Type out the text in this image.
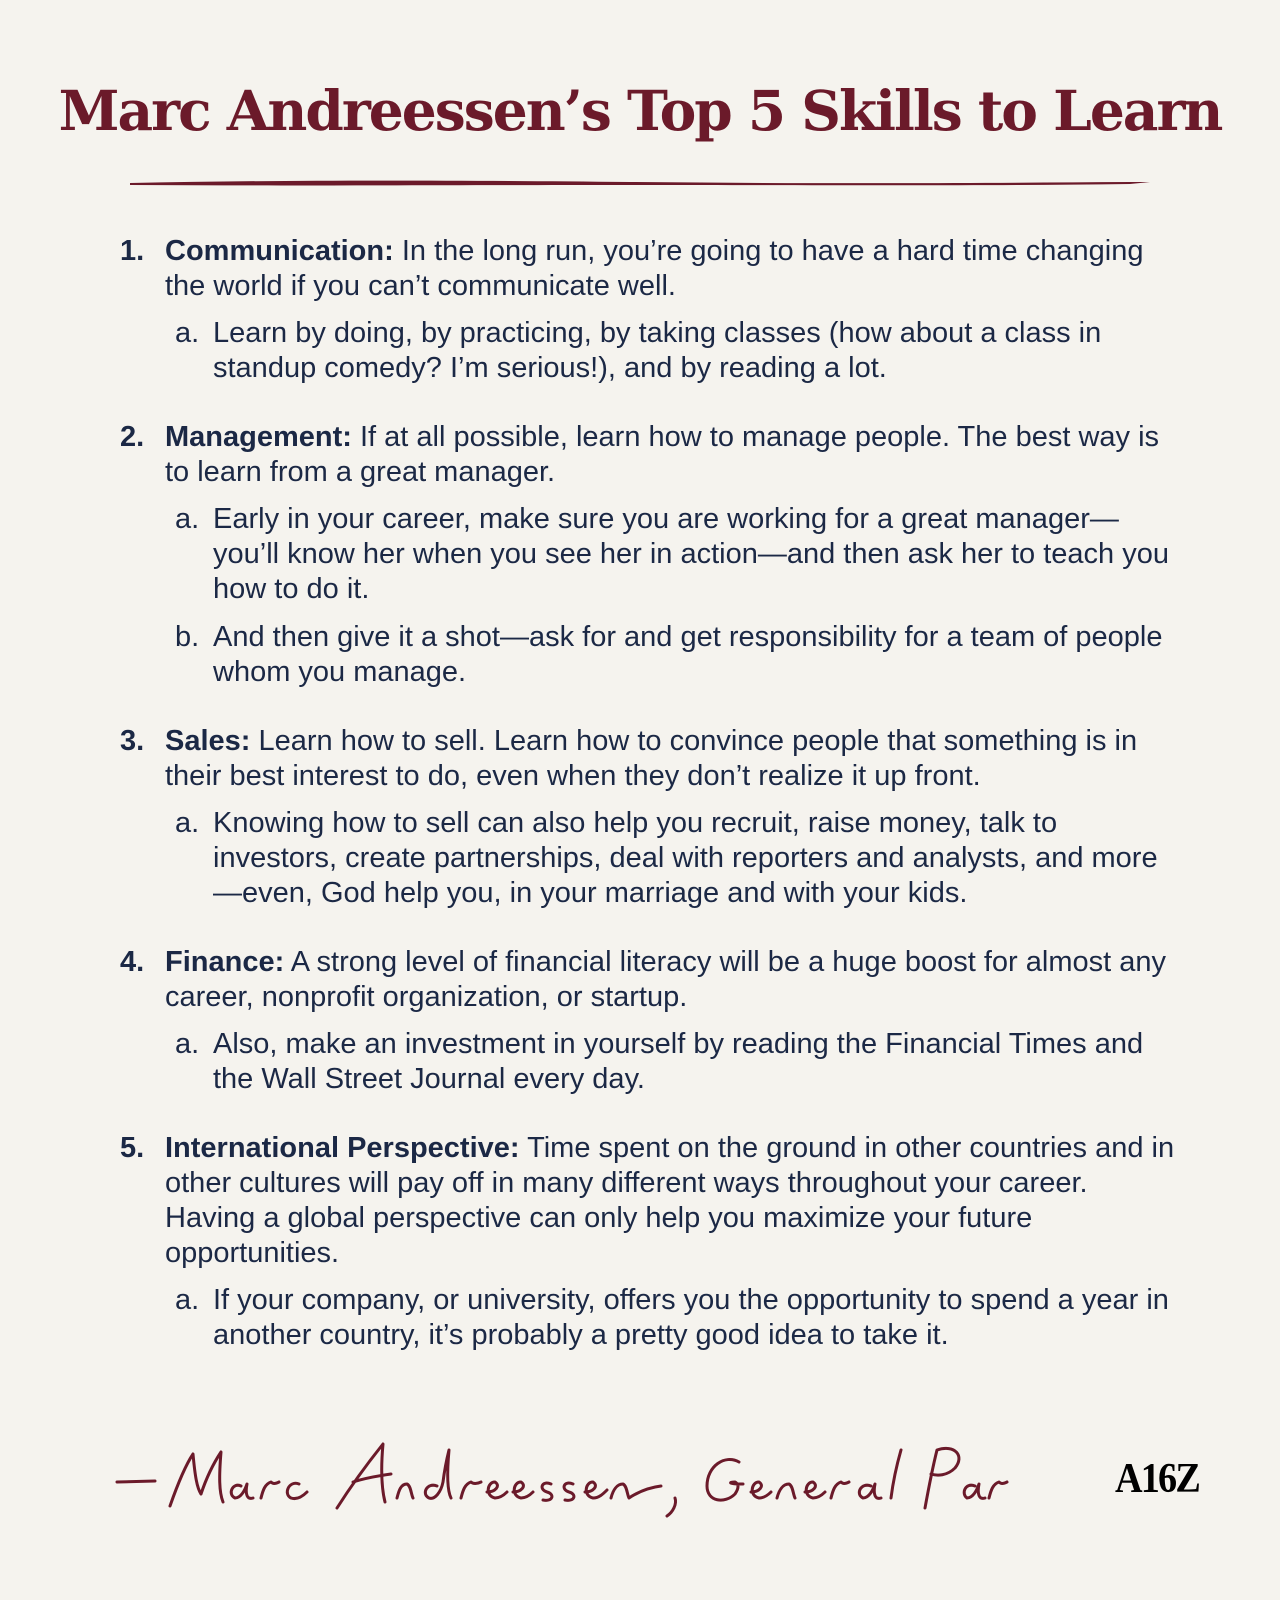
Marc Andreessen’s Top 5 Skills to Learn
1. Communication: In the long run, you’re going to have a hard time changing the world if you can’t communicate well.

a. Learn by doing, by practicing, by taking classes (how about a class in standup comedy? I’m serious!), and by reading a lot.

2. Management: If at all possible, learn how to manage people. The best way is to learn from a great manager.

a. Early in your career, make sure you are working for a great manager—you’ll know her when you see her in action—and then ask her to teach you how to do it.

b. And then give it a shot—ask for and get responsibility for a team of people whom you manage.

3. Sales: Learn how to sell. Learn how to convince people that something is in their best interest to do, even when they don’t realize it up front.

a. Knowing how to sell can also help you recruit, raise money, talk to investors, create partnerships, deal with reporters and analysts, and more—even, God help you, in your marriage and with your kids.

4. Finance: A strong level of financial literacy will be a huge boost for almost any career, nonprofit organization, or startup.

a. Also, make an investment in yourself by reading the Financial Times and the Wall Street Journal every day.

5. International Perspective: Time spent on the ground in other countries and in other cultures will pay off in many different ways throughout your career. Having a global perspective can only help you maximize your future opportunities.

a. If your company, or university, offers you the opportunity to spend a year in another country, it’s probably a pretty good idea to take it.

A16Z
